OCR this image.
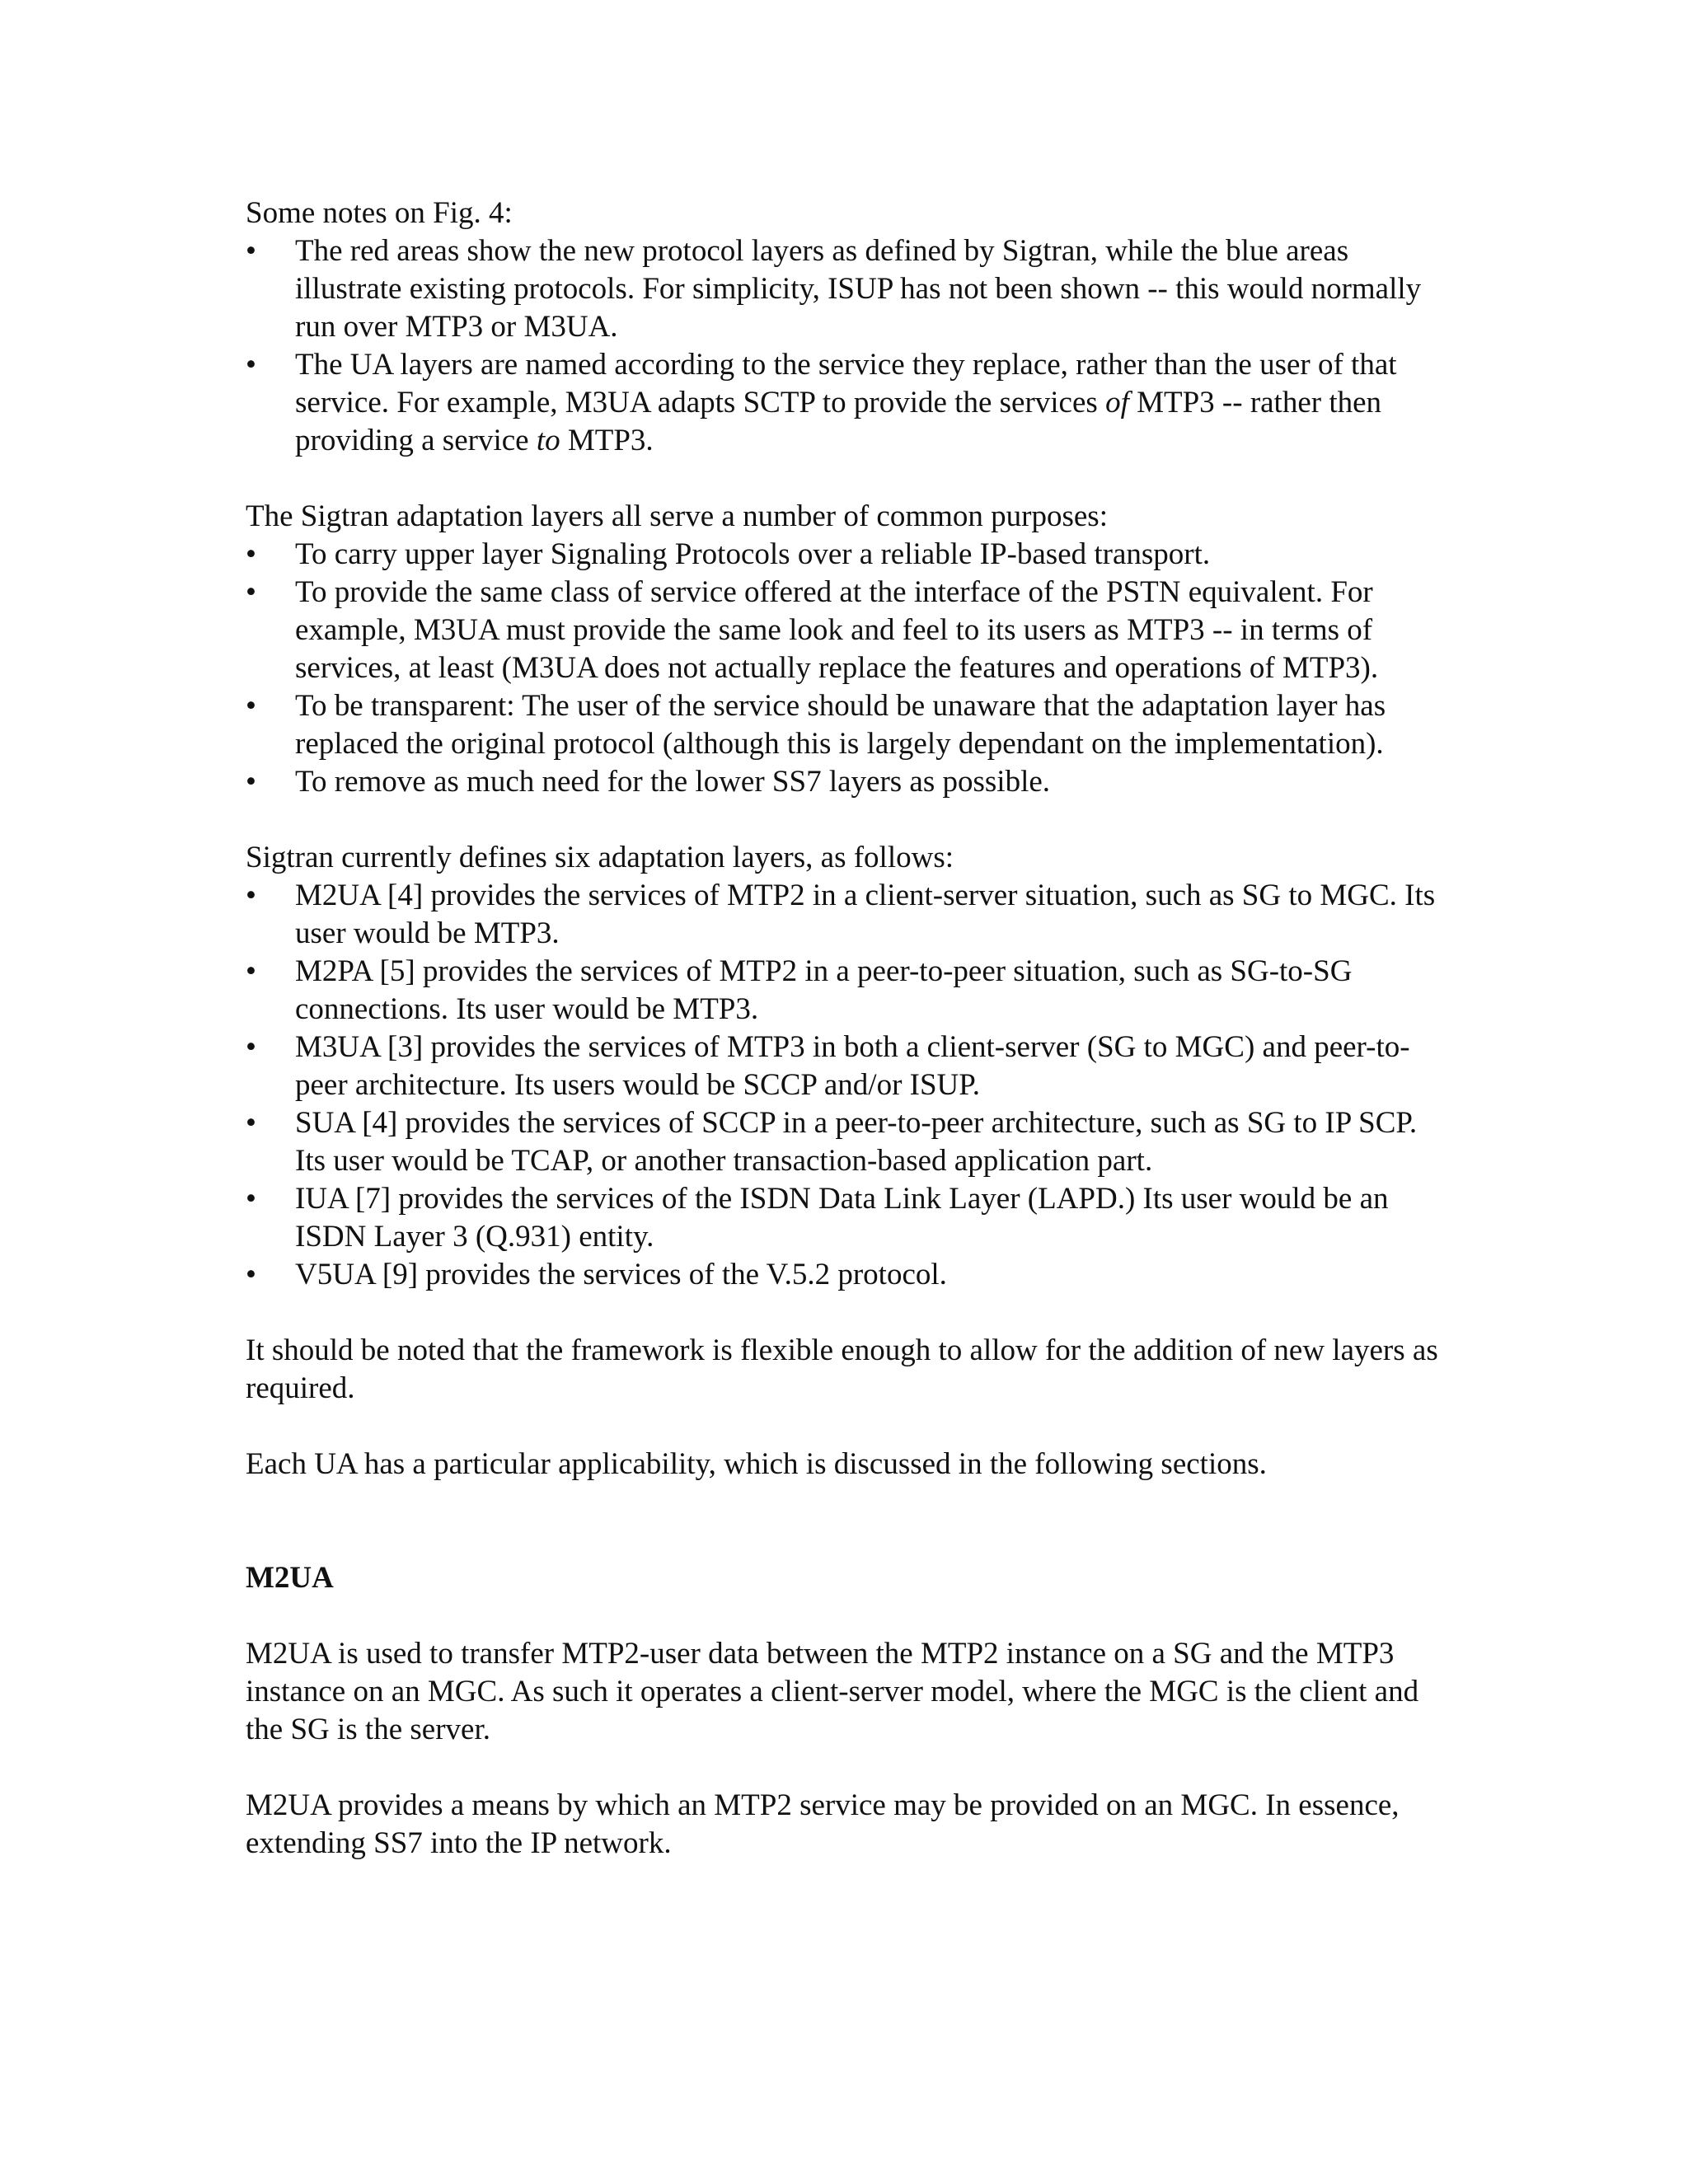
Some notes on Fig. 4:

•	The red areas show the new protocol layers as defined by Sigtran, while the blue areas illustrate existing protocols. For simplicity, ISUP has not been shown -- this would normally run over MTP3 or M3UA.
•	The UA layers are named according to the service they replace, rather than the user of that service. For example, M3UA adapts SCTP to provide the services of MTP3 -- rather then providing a service to MTP3.

The Sigtran adaptation layers all serve a number of common purposes:

•	To carry upper layer Signaling Protocols over a reliable IP-based transport.
•	To provide the same class of service offered at the interface of the PSTN equivalent. For example, M3UA must provide the same look and feel to its users as MTP3 -- in terms of services, at least (M3UA does not actually replace the features and operations of MTP3).
•	To be transparent: The user of the service should be unaware that the adaptation layer has replaced the original protocol (although this is largely dependant on the implementation).
•	To remove as much need for the lower SS7 layers as possible.

Sigtran currently defines six adaptation layers, as follows:

•	M2UA [4] provides the services of MTP2 in a client-server situation, such as SG to MGC. Its user would be MTP3.
•	M2PA [5] provides the services of MTP2 in a peer-to-peer situation, such as SG-to-SG connections. Its user would be MTP3.
•	M3UA [3] provides the services of MTP3 in both a client-server (SG to MGC) and peer-to-peer architecture. Its users would be SCCP and/or ISUP.
•	SUA [4] provides the services of SCCP in a peer-to-peer architecture, such as SG to IP SCP. Its user would be TCAP, or another transaction-based application part.
•	IUA [7] provides the services of the ISDN Data Link Layer (LAPD.) Its user would be an ISDN Layer 3 (Q.931) entity.
•	V5UA [9] provides the services of the V.5.2 protocol.

It should be noted that the framework is flexible enough to allow for the addition of new layers as required.

Each UA has a particular applicability, which is discussed in the following sections.

M2UA

M2UA is used to transfer MTP2-user data between the MTP2 instance on a SG and the MTP3 instance on an MGC. As such it operates a client-server model, where the MGC is the client and the SG is the server.

M2UA provides a means by which an MTP2 service may be provided on an MGC. In essence, extending SS7 into the IP network.
